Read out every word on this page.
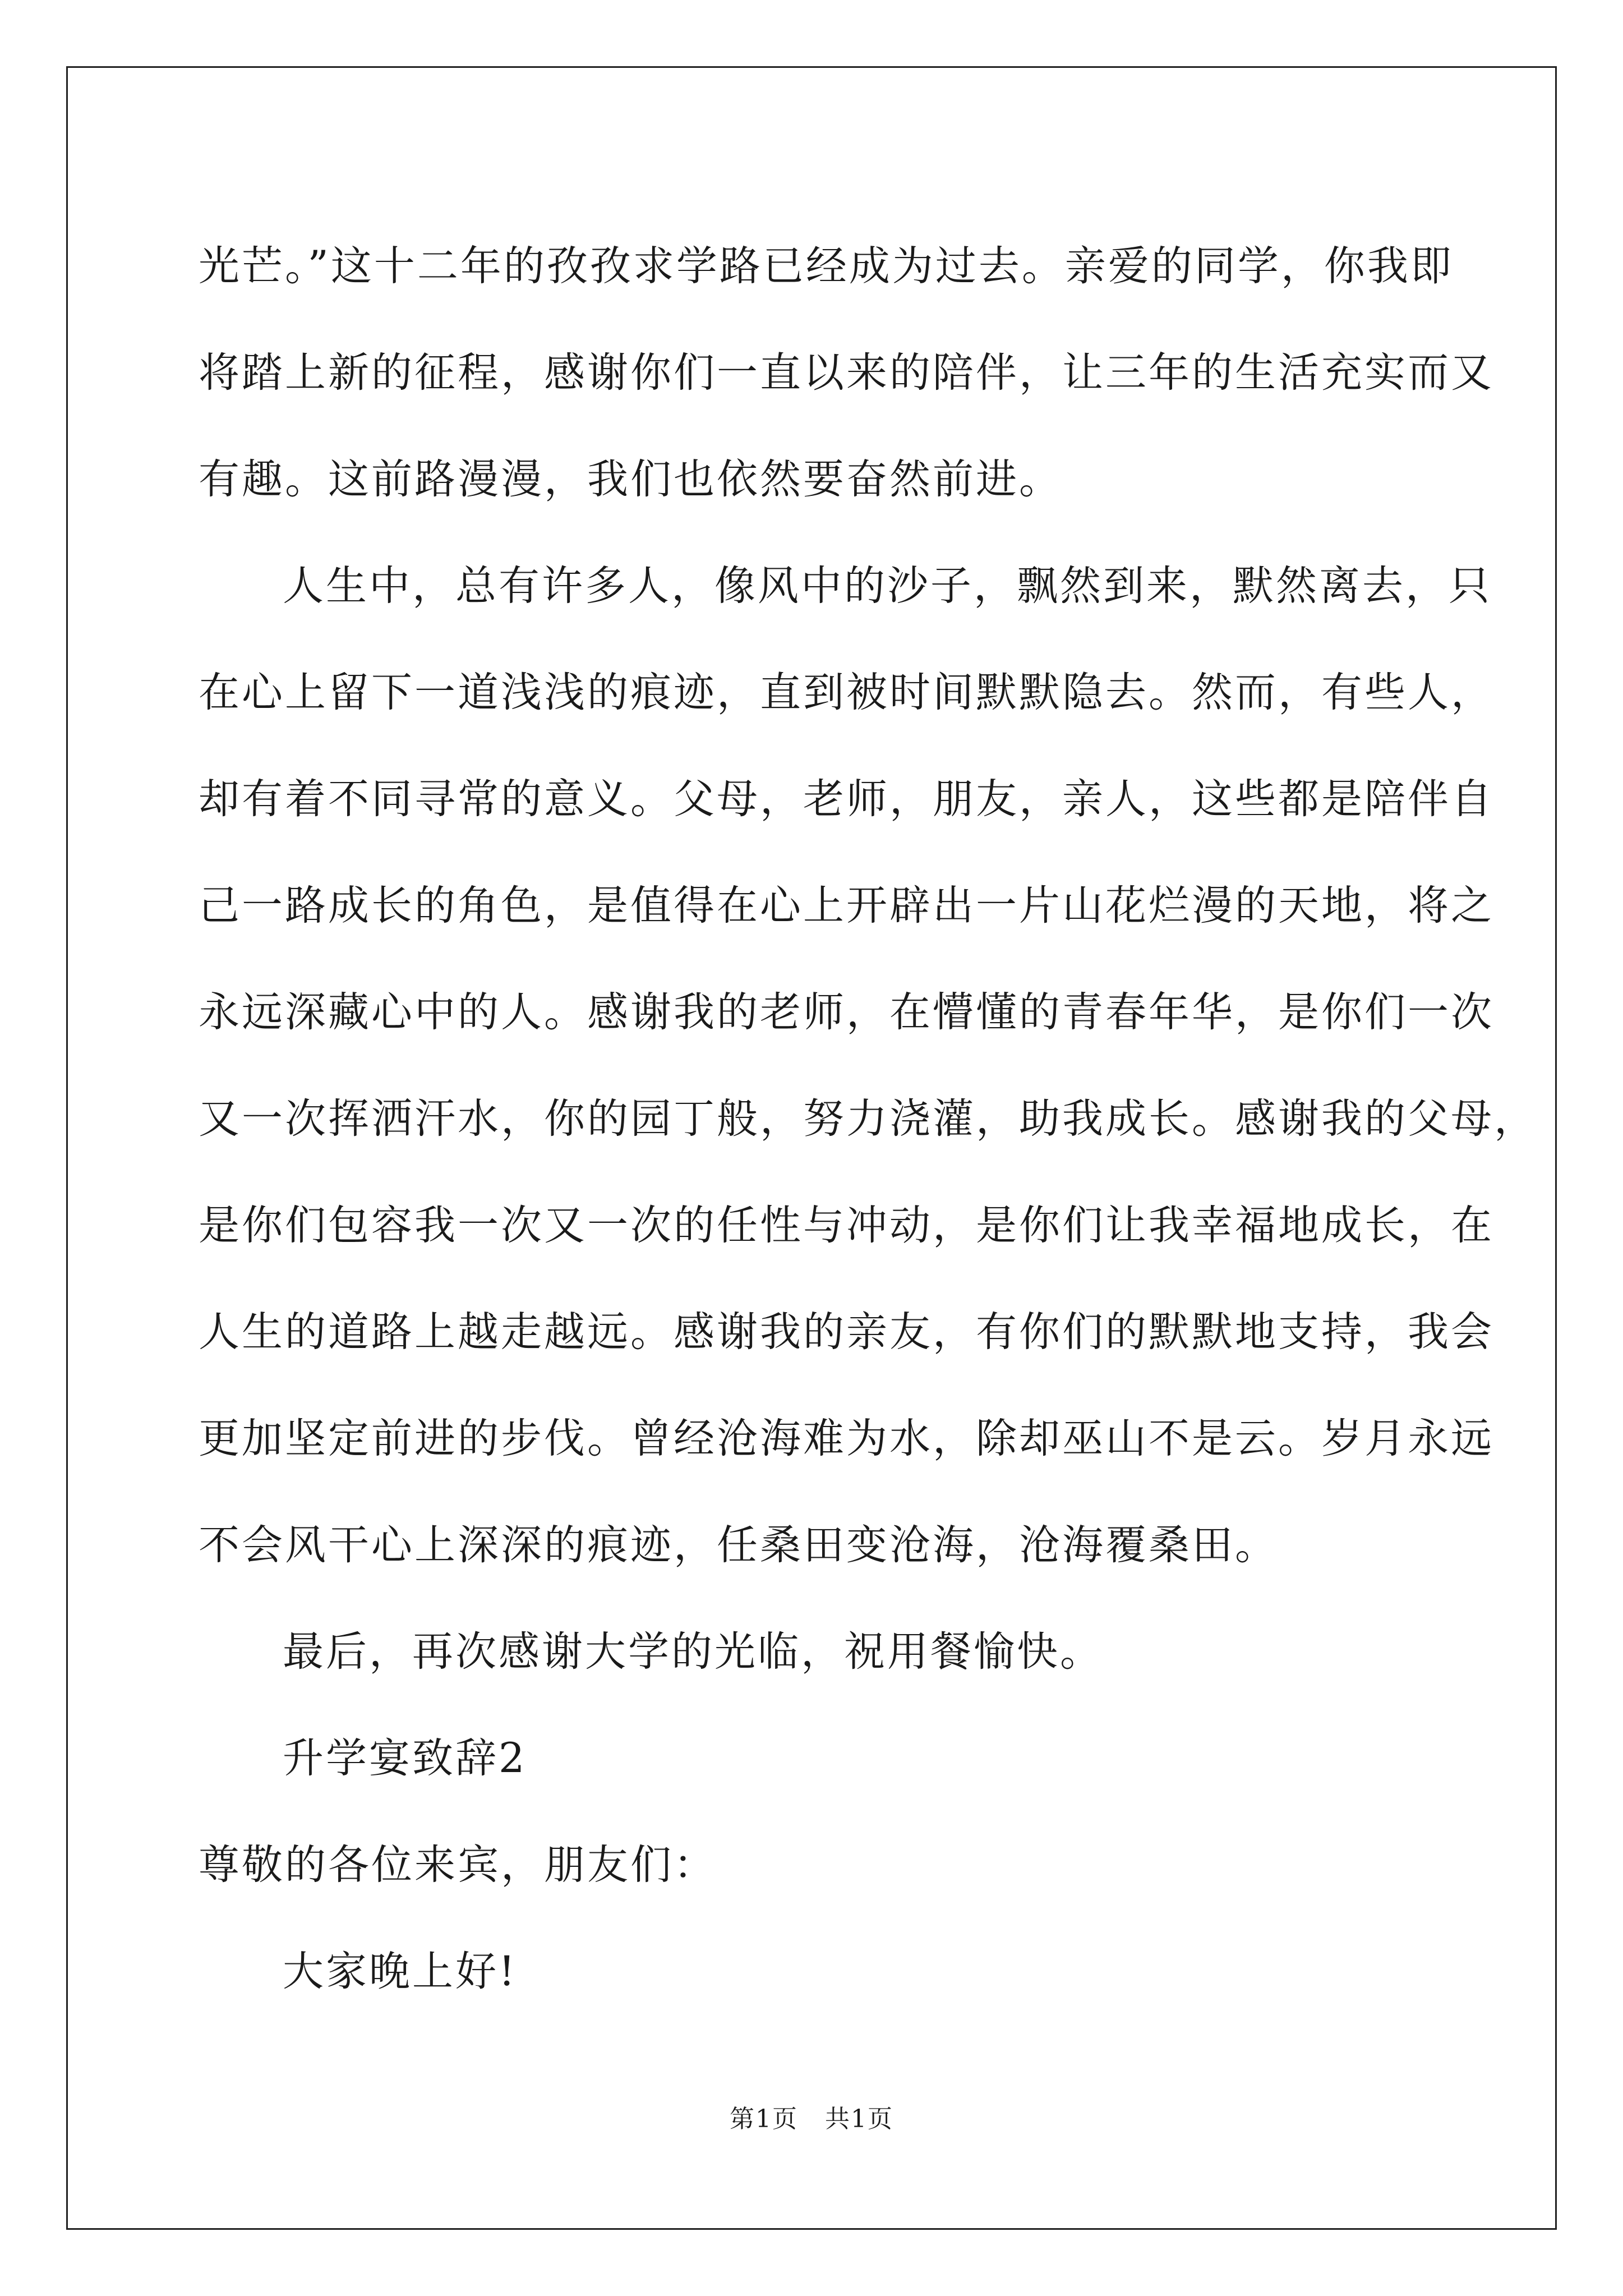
光芒。”这十二年的孜孜求学路已经成为过去。亲爱的同学，你我即
将踏上新的征程，感谢你们一直以来的陪伴，让三年的生活充实而又
有趣。这前路漫漫，我们也依然要奋然前进。
人生中，总有许多人，像风中的沙子，飘然到来，默然离去，只
在心上留下一道浅浅的痕迹，直到被时间默默隐去。然而，有些人，
却有着不同寻常的意义。父母，老师，朋友，亲人，这些都是陪伴自
己一路成长的角色，是值得在心上开辟出一片山花烂漫的天地，将之
永远深藏心中的人。感谢我的老师，在懵懂的青春年华，是你们一次
又一次挥洒汗水，你的园丁般，努力浇灌，助我成长。感谢我的父母，
是你们包容我一次又一次的任性与冲动，是你们让我幸福地成长，在
人生的道路上越走越远。感谢我的亲友，有你们的默默地支持，我会
更加坚定前进的步伐。曾经沧海难为水，除却巫山不是云。岁月永远
不会风干心上深深的痕迹，任桑田变沧海，沧海覆桑田。
最后，再次感谢大学的光临，祝用餐愉快。
升学宴致辞2
尊敬的各位来宾，朋友们：
大家晚上好!
第1页 共1页
